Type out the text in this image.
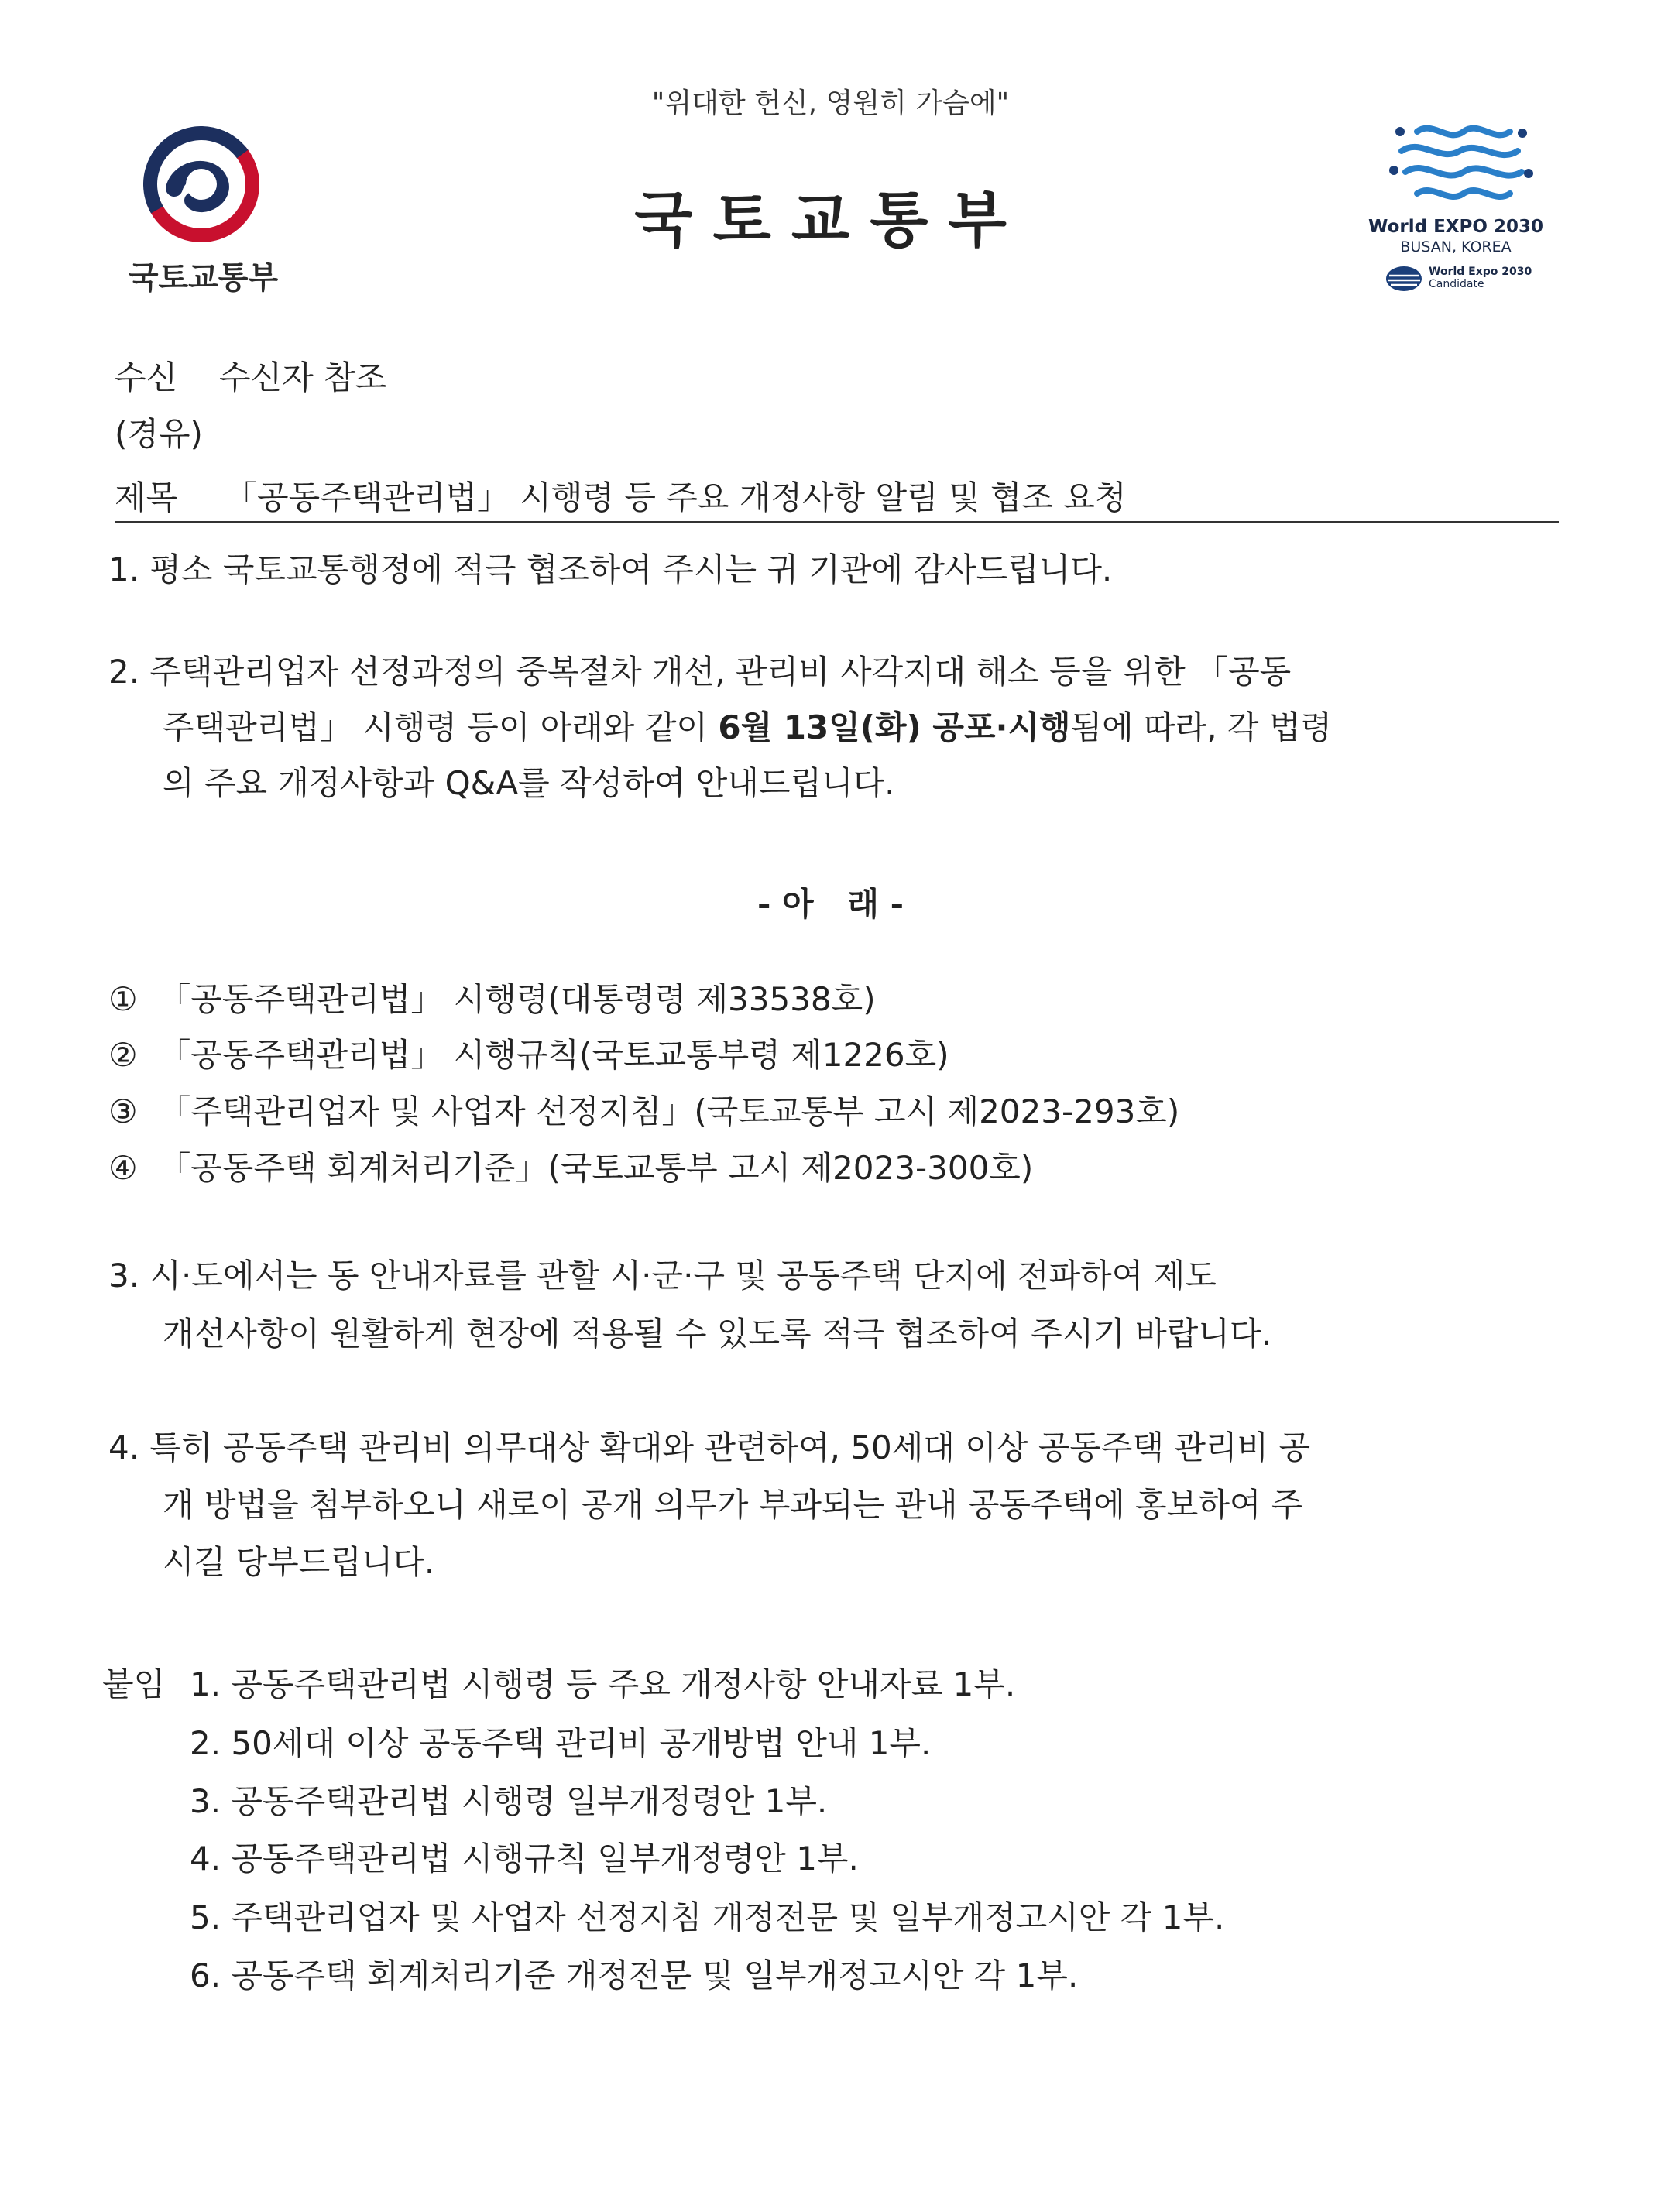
"위대한 헌신, 영원히 가슴에"
국토교통부
국토교통부
World EXPO 2030
BUSAN, KOREA
World Expo 2030
Candidate
수신 수신자 참조
(경유)
제목 「공동주택관리법」 시행령 등 주요 개정사항 알림 및 협조 요청
1. 평소 국토교통행정에 적극 협조하여 주시는 귀 기관에 감사드립니다.
2. 주택관리업자 선정과정의 중복절차 개선, 관리비 사각지대 해소 등을 위한 「공동
주택관리법」 시행령 등이 아래와 같이 6월 13일(화) 공포·시행됨에 따라, 각 법령
의 주요 개정사항과 Q&A를 작성하여 안내드립니다.
- 아   래 -
①  「공동주택관리법」 시행령(대통령령 제33538호)
②  「공동주택관리법」 시행규칙(국토교통부령 제1226호)
③  「주택관리업자 및 사업자 선정지침」(국토교통부 고시 제2023-293호)
④  「공동주택 회계처리기준」(국토교통부 고시 제2023-300호)
3. 시·도에서는 동 안내자료를 관할 시·군·구 및 공동주택 단지에 전파하여 제도
개선사항이 원활하게 현장에 적용될 수 있도록 적극 협조하여 주시기 바랍니다.
4. 특히 공동주택 관리비 의무대상 확대와 관련하여, 50세대 이상 공동주택 관리비 공
개 방법을 첨부하오니 새로이 공개 의무가 부과되는 관내 공동주택에 홍보하여 주
시길 당부드립니다.
붙임 1. 공동주택관리법 시행령 등 주요 개정사항 안내자료 1부.
2. 50세대 이상 공동주택 관리비 공개방법 안내 1부.
3. 공동주택관리법 시행령 일부개정령안 1부.
4. 공동주택관리법 시행규칙 일부개정령안 1부.
5. 주택관리업자 및 사업자 선정지침 개정전문 및 일부개정고시안 각 1부.
6. 공동주택 회계처리기준 개정전문 및 일부개정고시안 각 1부.
